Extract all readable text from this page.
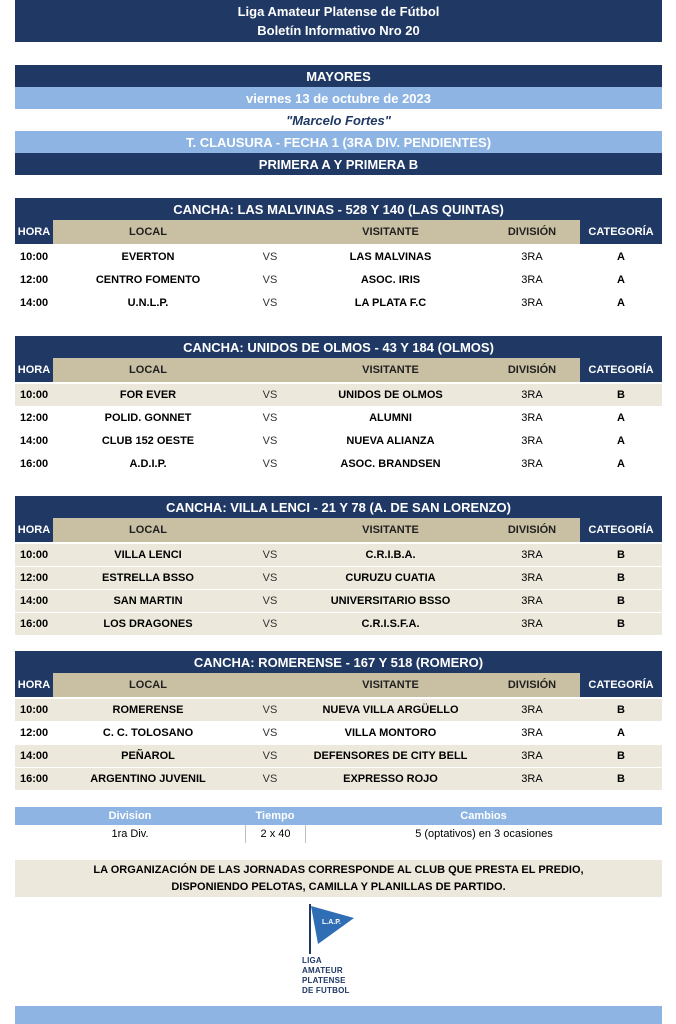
Liga Amateur Platense de Fútbol
Boletín Informativo Nro 20
MAYORES
viernes 13 de octubre de 2023
"Marcelo Fortes"
T. CLAUSURA - FECHA 1 (3RA DIV. PENDIENTES)
PRIMERA A Y PRIMERA B
CANCHA: LAS MALVINAS - 528 Y 140 (LAS QUINTAS)
HORA	LOCAL	VISITANTE	DIVISIÓN	CATEGORÍA
10:00	EVERTON	VS	LAS MALVINAS	3RA	A
12:00	CENTRO FOMENTO	VS	ASOC. IRIS	3RA	A
14:00	U.N.L.P.	VS	LA PLATA F.C	3RA	A
CANCHA: UNIDOS DE OLMOS - 43 Y 184 (OLMOS)
HORA	LOCAL	VISITANTE	DIVISIÓN	CATEGORÍA
10:00	FOR EVER	VS	UNIDOS DE OLMOS	3RA	B
12:00	POLID. GONNET	VS	ALUMNI	3RA	A
14:00	CLUB 152 OESTE	VS	NUEVA ALIANZA	3RA	A
16:00	A.D.I.P.	VS	ASOC. BRANDSEN	3RA	A
CANCHA: VILLA LENCI - 21 Y 78 (A. DE SAN LORENZO)
HORA	LOCAL	VISITANTE	DIVISIÓN	CATEGORÍA
10:00	VILLA LENCI	VS	C.R.I.B.A.	3RA	B
12:00	ESTRELLA BSSO	VS	CURUZU CUATIA	3RA	B
14:00	SAN MARTIN	VS	UNIVERSITARIO BSSO	3RA	B
16:00	LOS DRAGONES	VS	C.R.I.S.F.A.	3RA	B
CANCHA: ROMERENSE - 167 Y 518 (ROMERO)
HORA	LOCAL	VISITANTE	DIVISIÓN	CATEGORÍA
10:00	ROMERENSE	VS	NUEVA VILLA ARGÜELLO	3RA	B
12:00	C. C. TOLOSANO	VS	VILLA MONTORO	3RA	A
14:00	PEÑAROL	VS	DEFENSORES DE CITY BELL	3RA	B
16:00	ARGENTINO JUVENIL	VS	EXPRESSO ROJO	3RA	B
Division	Tiempo	Cambios
1ra Div.	2 x 40	5 (optativos) en 3 ocasiones
LA ORGANIZACIÓN DE LAS JORNADAS CORRESPONDE AL CLUB QUE PRESTA EL PREDIO,
DISPONIENDO PELOTAS, CAMILLA Y PLANILLAS DE PARTIDO.
L.A.P.
LIGA
AMATEUR
PLATENSE
DE FUTBOL
